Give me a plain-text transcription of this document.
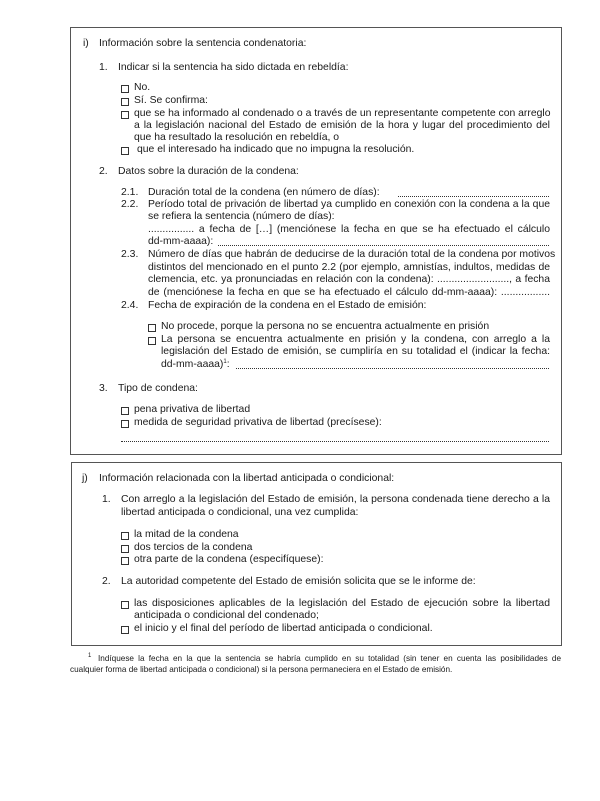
i) Información sobre la sentencia condenatoria:
1. Indicar si la sentencia ha sido dictada en rebeldía:
No.
Sí. Se confirma:
que se ha informado al condenado o a través de un representante competente con arreglo
a la legislación nacional del Estado de emisión de la hora y lugar del procedimiento del
que ha resultado la resolución en rebeldía, o
que el interesado ha indicado que no impugna la resolución.
2. Datos sobre la duración de la condena:
2.1. Duración total de la condena (en número de días):
2.2. Período total de privación de libertad ya cumplido en conexión con la condena a la que
se refiera la sentencia (número de días):
................ a fecha de […] (menciónese la fecha en que se ha efectuado el cálculo
dd-mm-aaaa):
2.3. Número de días que habrán de deducirse de la duración total de la condena por motivos
distintos del mencionado en el punto 2.2 (por ejemplo, amnistías, indultos, medidas de
clemencia, etc. ya pronunciadas en relación con la condena): ........................., a fecha
de (menciónese la fecha en que se ha efectuado el cálculo dd-mm-aaaa): .................
2.4. Fecha de expiración de la condena en el Estado de emisión:
No procede, porque la persona no se encuentra actualmente en prisión
La persona se encuentra actualmente en prisión y la condena, con arreglo a la
legislación del Estado de emisión, se cumpliría en su totalidad el (indicar la fecha:
dd-mm-aaaa)$^1$:
3. Tipo de condena:
pena privativa de libertad
medida de seguridad privativa de libertad (precísese):
j) Información relacionada con la libertad anticipada o condicional:
1. Con arreglo a la legislación del Estado de emisión, la persona condenada tiene derecho a la
libertad anticipada o condicional, una vez cumplida:
la mitad de la condena
dos tercios de la condena
otra parte de la condena (especifíquese):
2. La autoridad competente del Estado de emisión solicita que se le informe de:
las disposiciones aplicables de la legislación del Estado de ejecución sobre la libertad
anticipada o condicional del condenado;
el inicio y el final del período de libertad anticipada o condicional.
1 Indíquese la fecha en la que la sentencia se habría cumplido en su totalidad (sin tener en cuenta las posibilidades de
cualquier forma de libertad anticipada o condicional) si la persona permaneciera en el Estado de emisión.
